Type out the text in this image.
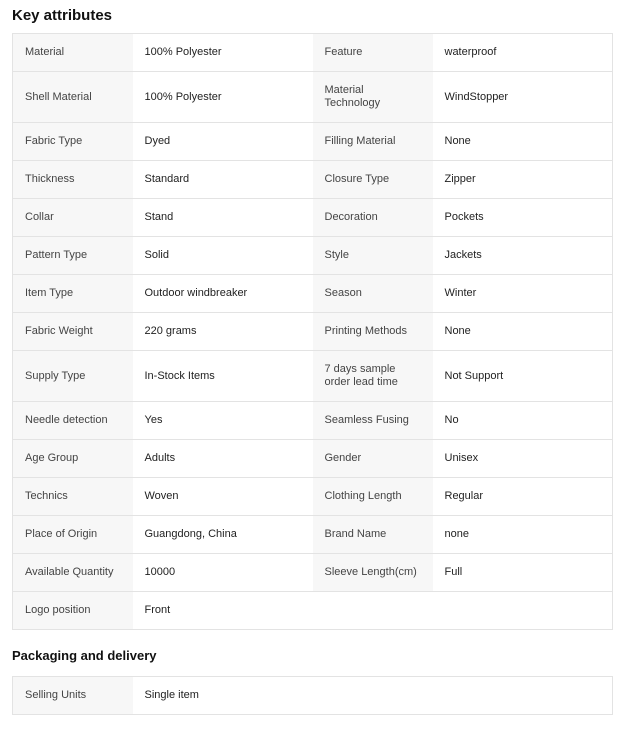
Key attributes
Material	100% Polyester	Feature	waterproof
Shell Material	100% Polyester	Material Technology	WindStopper
Fabric Type	Dyed	Filling Material	None
Thickness	Standard	Closure Type	Zipper
Collar	Stand	Decoration	Pockets
Pattern Type	Solid	Style	Jackets
Item Type	Outdoor windbreaker	Season	Winter
Fabric Weight	220 grams	Printing Methods	None
Supply Type	In-Stock Items	7 days sample order lead time	Not Support
Needle detection	Yes	Seamless Fusing	No
Age Group	Adults	Gender	Unisex
Technics	Woven	Clothing Length	Regular
Place of Origin	Guangdong, China	Brand Name	none
Available Quantity	10000	Sleeve Length(cm)	Full
Logo position	Front		
Packaging and delivery
Selling Units	Single item
